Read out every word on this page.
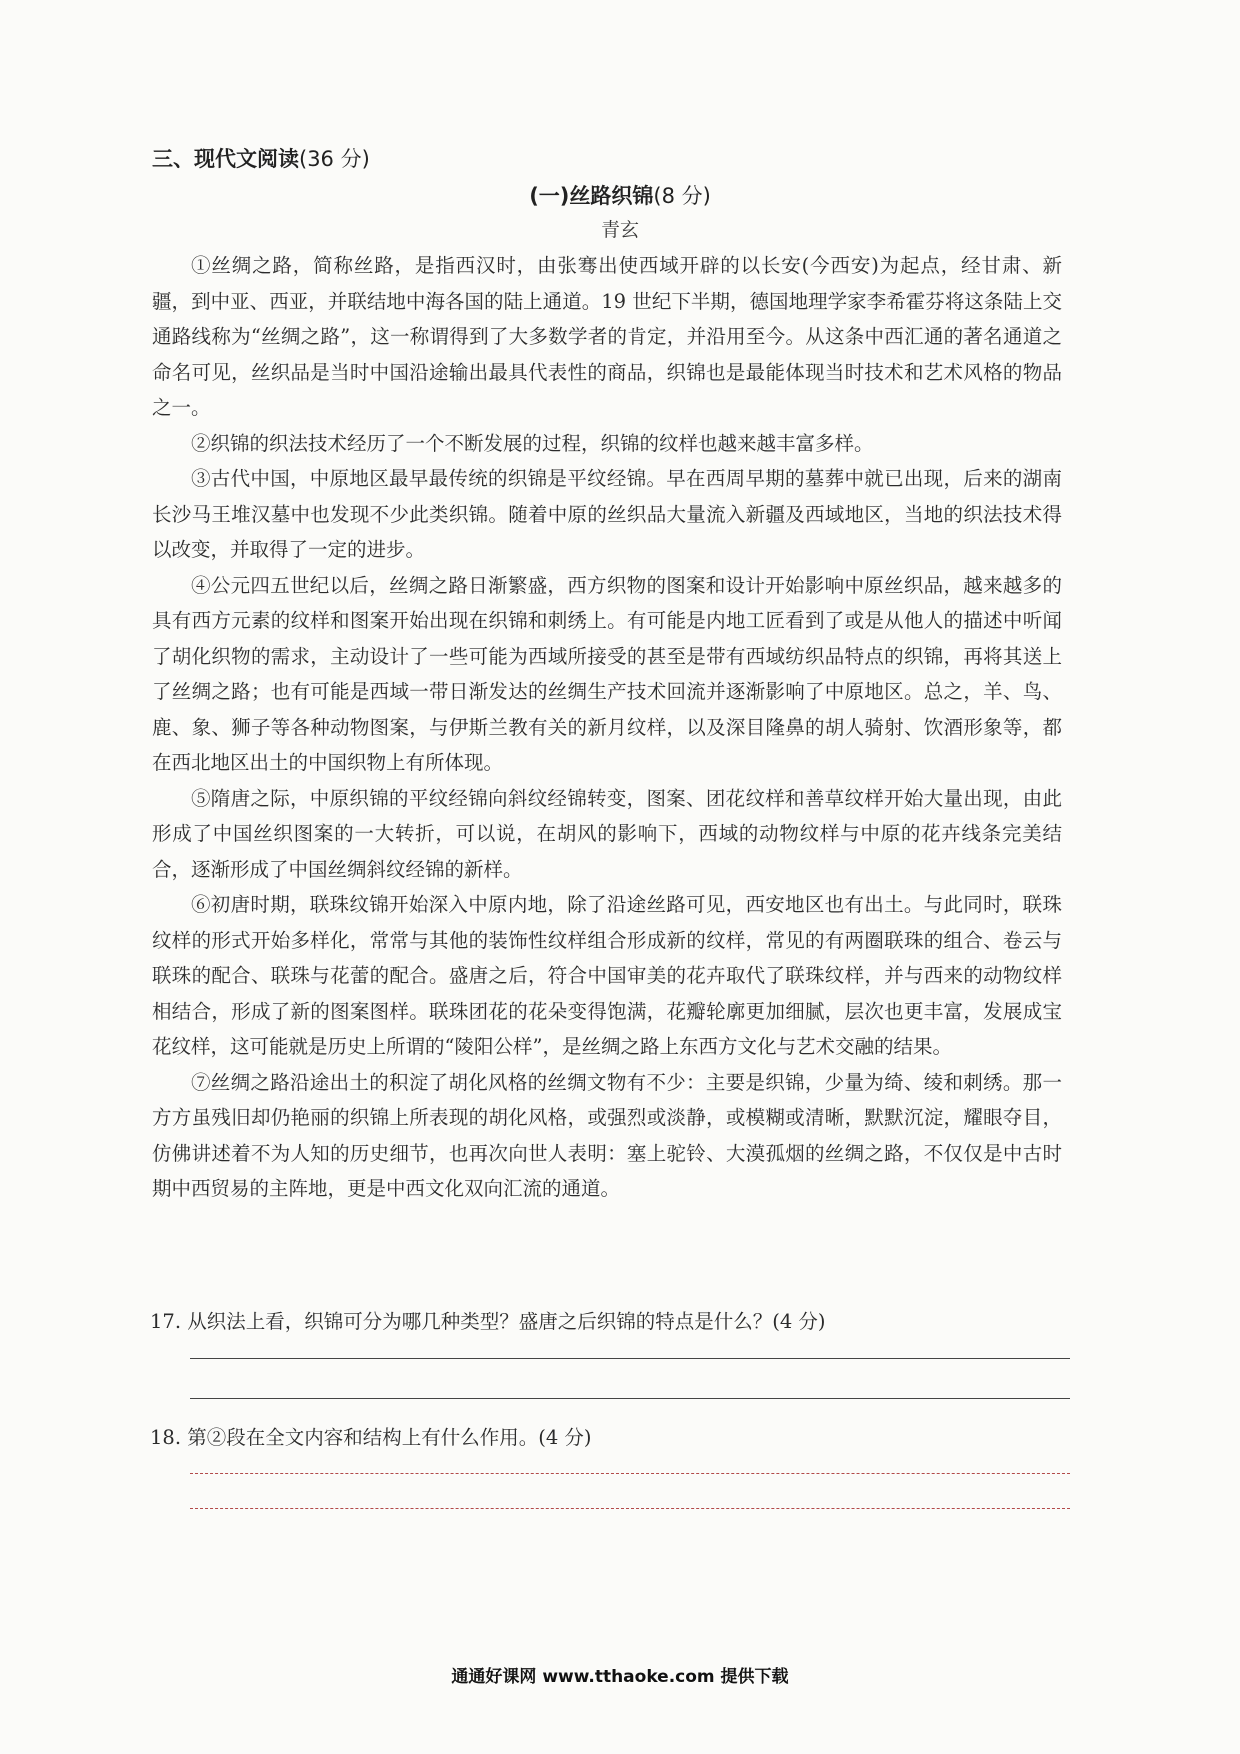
三、现代文阅读(36 分)
(一)丝路织锦(8 分)
青玄

①丝绸之路，简称丝路，是指西汉时，由张骞出使西域开辟的以长安(今西安)为起点，经甘肃、新疆，到中亚、西亚，并联结地中海各国的陆上通道。19 世纪下半期，德国地理学家李希霍芬将这条陆上交通路线称为“丝绸之路”，这一称谓得到了大多数学者的肯定，并沿用至今。从这条中西汇通的著名通道之命名可见，丝织品是当时中国沿途输出最具代表性的商品，织锦也是最能体现当时技术和艺术风格的物品之一。

②织锦的织法技术经历了一个不断发展的过程，织锦的纹样也越来越丰富多样。

③古代中国，中原地区最早最传统的织锦是平纹经锦。早在西周早期的墓葬中就已出现，后来的湖南长沙马王堆汉墓中也发现不少此类织锦。随着中原的丝织品大量流入新疆及西域地区，当地的织法技术得以改变，并取得了一定的进步。

④公元四五世纪以后，丝绸之路日渐繁盛，西方织物的图案和设计开始影响中原丝织品，越来越多的具有西方元素的纹样和图案开始出现在织锦和刺绣上。有可能是内地工匠看到了或是从他人的描述中听闻了胡化织物的需求，主动设计了一些可能为西域所接受的甚至是带有西域纺织品特点的织锦，再将其送上了丝绸之路；也有可能是西域一带日渐发达的丝绸生产技术回流并逐渐影响了中原地区。总之，羊、鸟、鹿、象、狮子等各种动物图案，与伊斯兰教有关的新月纹样，以及深目隆鼻的胡人骑射、饮酒形象等，都在西北地区出土的中国织物上有所体现。

⑤隋唐之际，中原织锦的平纹经锦向斜纹经锦转变，图案、团花纹样和善草纹样开始大量出现，由此形成了中国丝织图案的一大转折，可以说，在胡风的影响下，西域的动物纹样与中原的花卉线条完美结合，逐渐形成了中国丝绸斜纹经锦的新样。

⑥初唐时期，联珠纹锦开始深入中原内地，除了沿途丝路可见，西安地区也有出土。与此同时，联珠纹样的形式开始多样化，常常与其他的装饰性纹样组合形成新的纹样，常见的有两圈联珠的组合、卷云与联珠的配合、联珠与花蕾的配合。盛唐之后，符合中国审美的花卉取代了联珠纹样，并与西来的动物纹样相结合，形成了新的图案图样。联珠团花的花朵变得饱满，花瓣轮廓更加细腻，层次也更丰富，发展成宝花纹样，这可能就是历史上所谓的“陵阳公样”，是丝绸之路上东西方文化与艺术交融的结果。

⑦丝绸之路沿途出土的积淀了胡化风格的丝绸文物有不少：主要是织锦，少量为绮、绫和刺绣。那一方方虽残旧却仍艳丽的织锦上所表现的胡化风格，或强烈或淡静，或模糊或清晰，默默沉淀，耀眼夺目，仿佛讲述着不为人知的历史细节，也再次向世人表明：塞上驼铃、大漠孤烟的丝绸之路，不仅仅是中古时期中西贸易的主阵地，更是中西文化双向汇流的通道。

17. 从织法上看，织锦可分为哪几种类型？盛唐之后织锦的特点是什么？(4 分)
18. 第②段在全文内容和结构上有什么作用。(4 分)
通通好课网 www.tthaoke.com 提供下载
